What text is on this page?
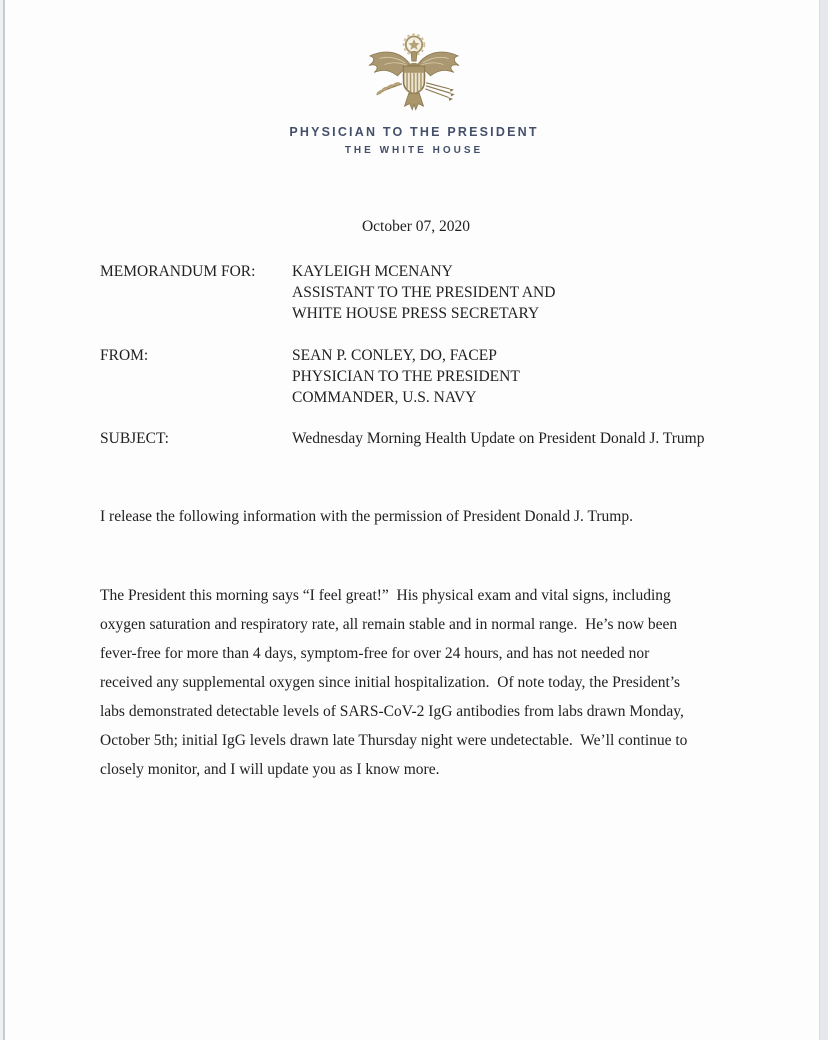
PHYSICIAN TO THE PRESIDENT
THE WHITE HOUSE
October 07, 2020
MEMORANDUM FOR:	KAYLEIGH MCENANY
ASSISTANT TO THE PRESIDENT AND
WHITE HOUSE PRESS SECRETARY
FROM:	SEAN P. CONLEY, DO, FACEP
PHYSICIAN TO THE PRESIDENT
COMMANDER, U.S. NAVY
SUBJECT:	Wednesday Morning Health Update on President Donald J. Trump
I release the following information with the permission of President Donald J. Trump.
The President this morning says “I feel great!”  His physical exam and vital signs, including
oxygen saturation and respiratory rate, all remain stable and in normal range.  He’s now been
fever-free for more than 4 days, symptom-free for over 24 hours, and has not needed nor
received any supplemental oxygen since initial hospitalization.  Of note today, the President’s
labs demonstrated detectable levels of SARS-CoV-2 IgG antibodies from labs drawn Monday,
October 5th; initial IgG levels drawn late Thursday night were undetectable.  We’ll continue to
closely monitor, and I will update you as I know more.
